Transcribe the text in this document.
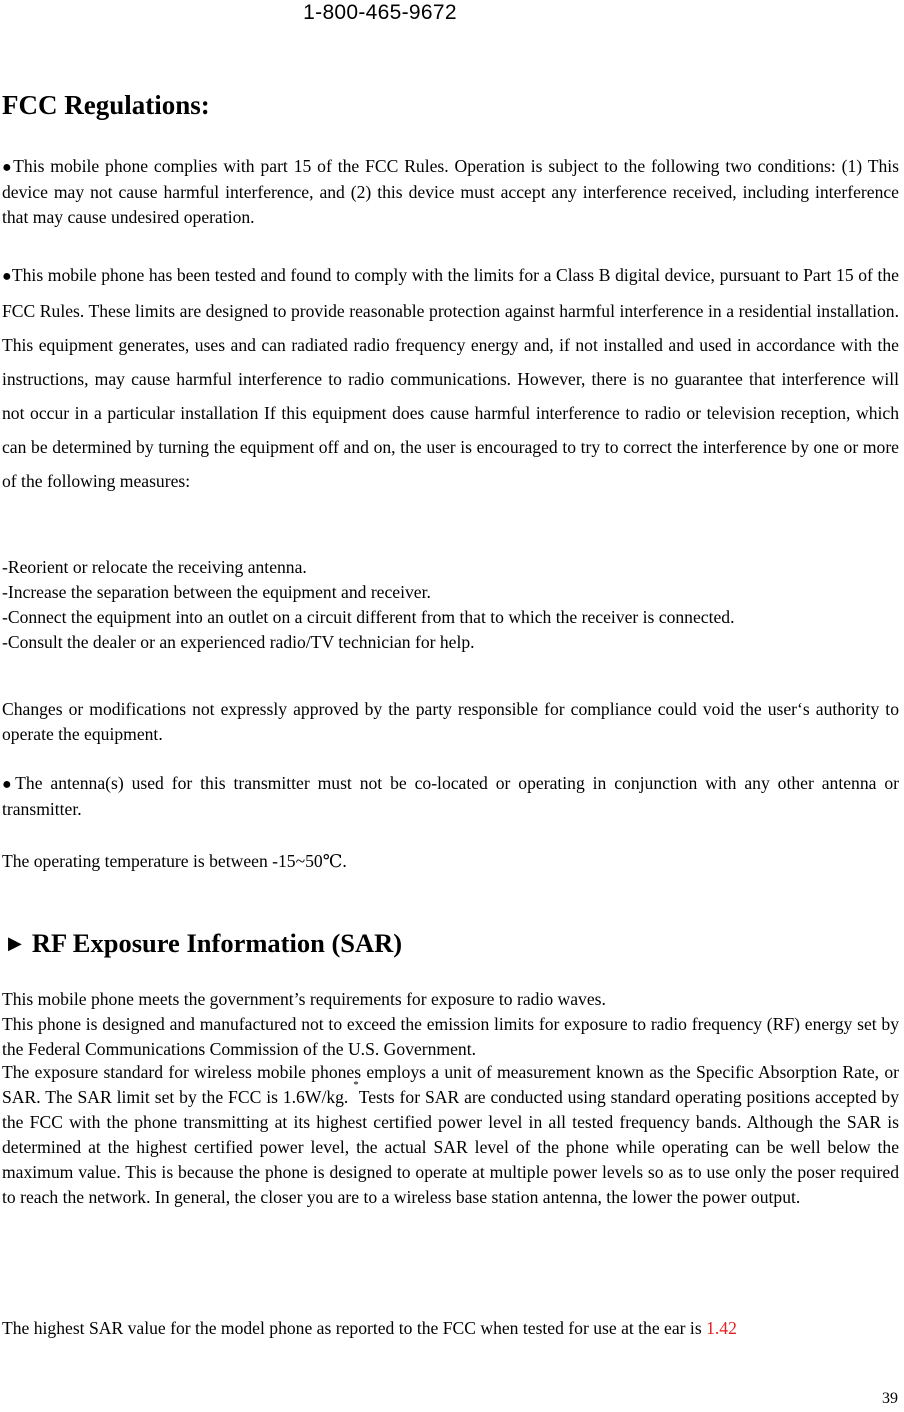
1-800-465-9672
FCC Regulations:
●This mobile phone complies with part 15 of the FCC Rules. Operation is subject to the following two conditions: (1) This device may not cause harmful interference, and (2) this device must accept any interference received, including interference that may cause undesired operation.
●This mobile phone has been tested and found to comply with the limits for a Class B digital device, pursuant to Part 15 of the FCC Rules. These limits are designed to provide reasonable protection against harmful interference in a residential installation. This equipment generates, uses and can radiated radio frequency energy and, if not installed and used in accordance with the instructions, may cause harmful interference to radio communications. However, there is no guarantee that interference will not occur in a particular installation If this equipment does cause harmful interference to radio or television reception, which can be determined by turning the equipment off and on, the user is encouraged to try to correct the interference by one or more of the following measures:
-Reorient or relocate the receiving antenna.
-Increase the separation between the equipment and receiver.
-Connect the equipment into an outlet on a circuit different from that to which the receiver is connected.
-Consult the dealer or an experienced radio/TV technician for help.
Changes or modifications not expressly approved by the party responsible for compliance could void the user‘s authority to operate the equipment.
●The antenna(s) used for this transmitter must not be co-located or operating in conjunction with any other antenna or transmitter.
The operating temperature is between -15~50℃.
▶ RF Exposure Information (SAR)
This mobile phone meets the government’s requirements for exposure to radio waves.
This phone is designed and manufactured not to exceed the emission limits for exposure to radio frequency (RF) energy set by the Federal Communications Commission of the U.S. Government.
The exposure standard for wireless mobile phones employs a unit of measurement known as the Specific Absorption Rate, or SAR. The SAR limit set by the FCC is 1.6W/kg. *Tests for SAR are conducted using standard operating positions accepted by the FCC with the phone transmitting at its highest certified power level in all tested frequency bands. Although the SAR is determined at the highest certified power level, the actual SAR level of the phone while operating can be well below the maximum value. This is because the phone is designed to operate at multiple power levels so as to use only the poser required to reach the network. In general, the closer you are to a wireless base station antenna, the lower the power output.
The highest SAR value for the model phone as reported to the FCC when tested for use at the ear is 1.42
39
